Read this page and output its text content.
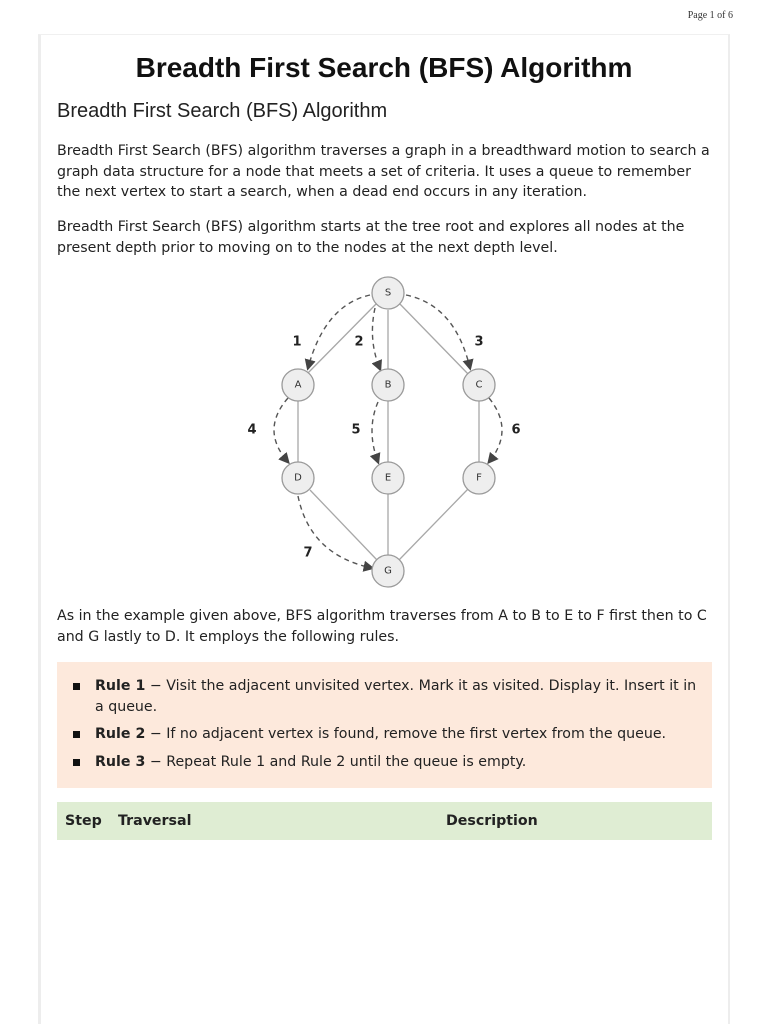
Page 1 of 6
Breadth First Search (BFS) Algorithm
Breadth First Search (BFS) Algorithm

Breadth First Search (BFS) algorithm traverses a graph in a breadthward motion to search a graph data structure for a node that meets a set of criteria. It uses a queue to remember the next vertex to start a search, when a dead end occurs in any iteration.

Breadth First Search (BFS) algorithm starts at the tree root and explores all nodes at the present depth prior to moving on to the nodes at the next depth level.

1	2	3
4	5	6
7
S
A	B	C
D	E	F
G

As in the example given above, BFS algorithm traverses from A to B to E to F first then to C and G lastly to D. It employs the following rules.

Rule 1 − Visit the adjacent unvisited vertex. Mark it as visited. Display it. Insert it in a queue.
Rule 2 − If no adjacent vertex is found, remove the first vertex from the queue.
Rule 3 − Repeat Rule 1 and Rule 2 until the queue is empty.
Step Traversal	Description
